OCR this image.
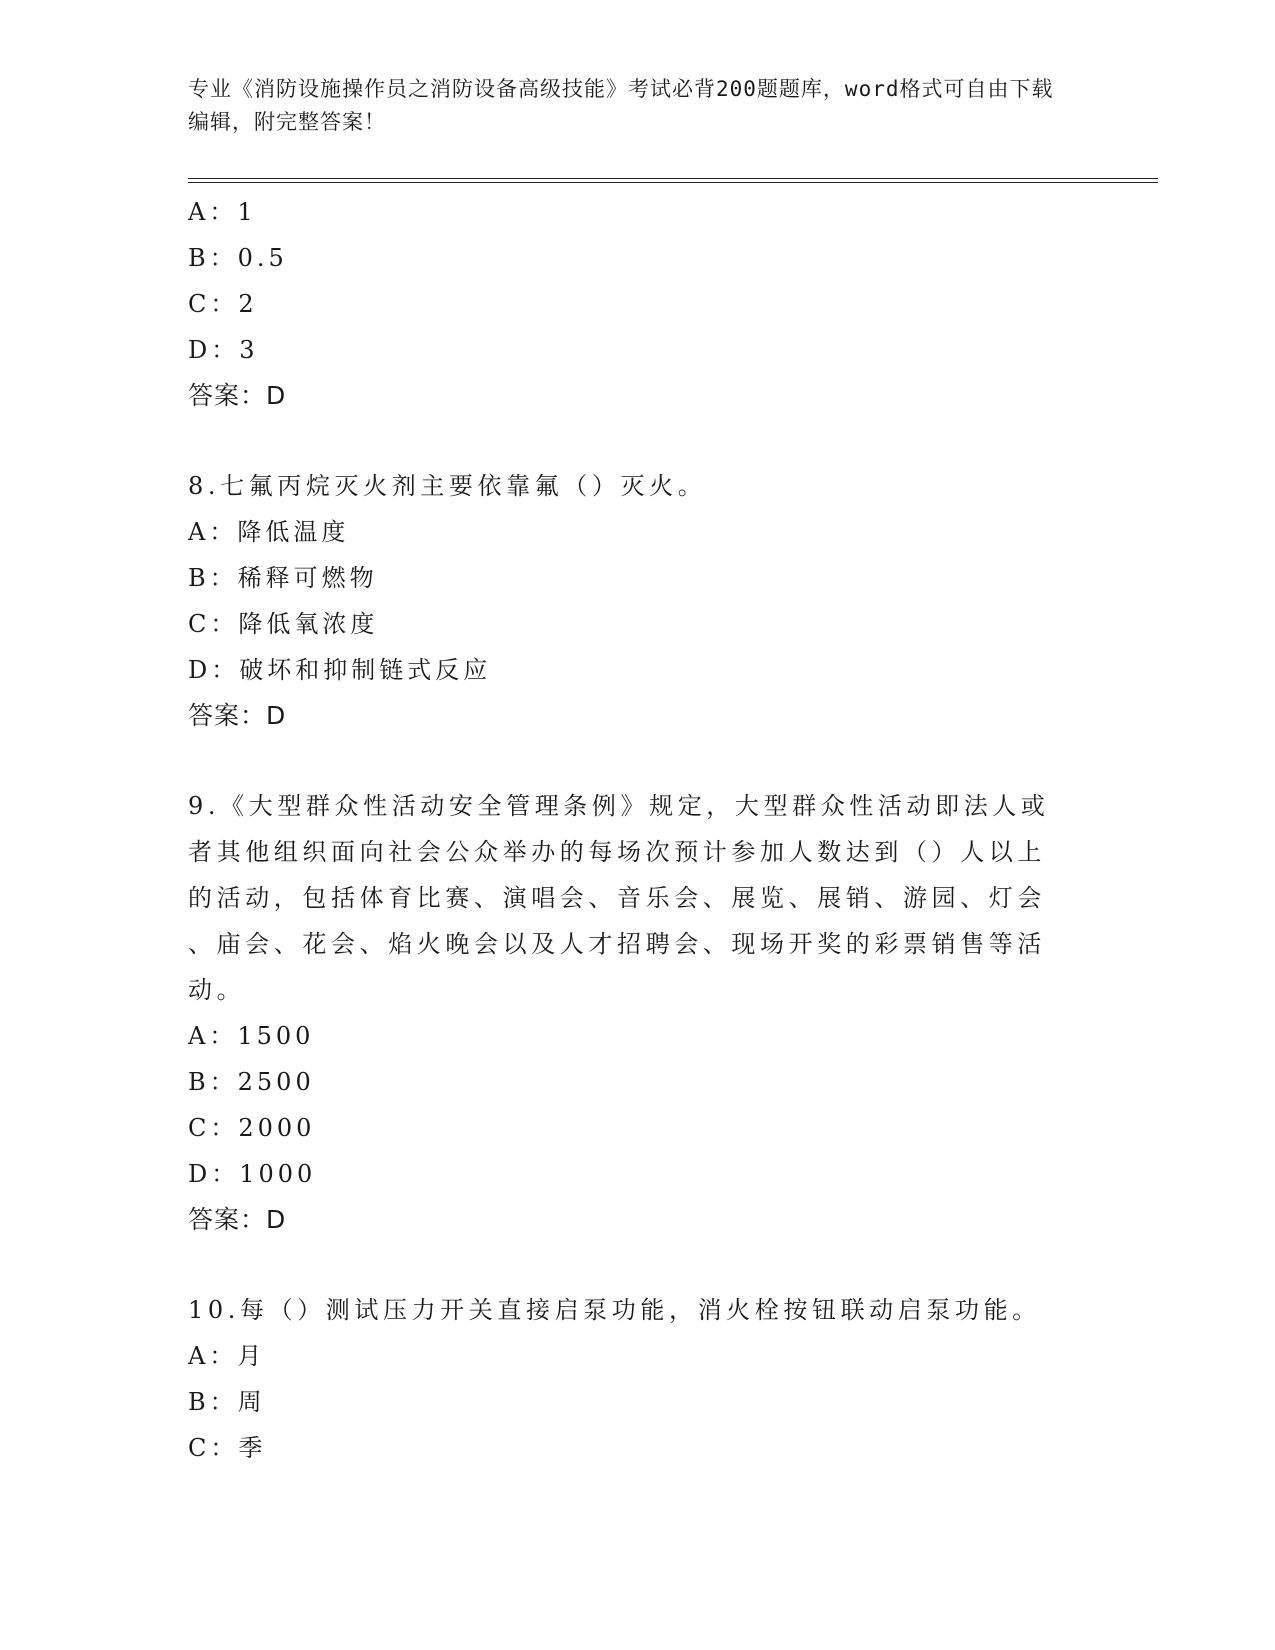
专业《消防设施操作员之消防设备高级技能》考试必背200题题库，word格式可自由下载编辑，附完整答案！
A：1
B：0.5
C：2
D：3
答案：D
8.七氟丙烷灭火剂主要依靠氟（）灭火。
A：降低温度
B：稀释可燃物
C：降低氧浓度
D：破坏和抑制链式反应
答案：D
9.《大型群众性活动安全管理条例》规定，大型群众性活动即法人或
者其他组织面向社会公众举办的每场次预计参加人数达到（）人以上
的活动，包括体育比赛、演唱会、音乐会、展览、展销、游园、灯会
、庙会、花会、焰火晚会以及人才招聘会、现场开奖的彩票销售等活
动。
A：1500
B：2500
C：2000
D：1000
答案：D
10.每（）测试压力开关直接启泵功能，消火栓按钮联动启泵功能。
A：月
B：周
C：季
